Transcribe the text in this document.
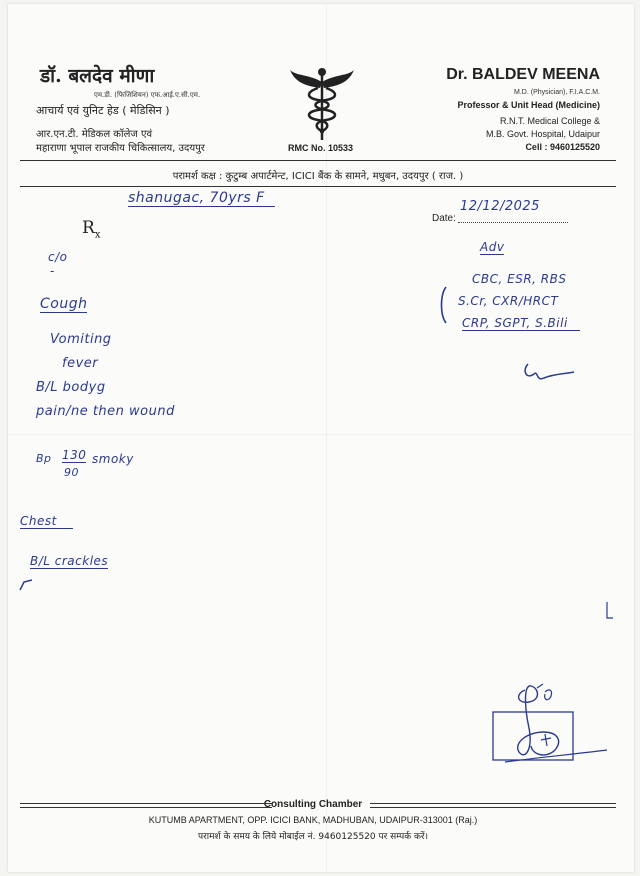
डॉ. बलदेव मीणा
एम.डी. (फिजिशियन) एफ.आई.ए.सी.एम.
आचार्य एवं युनिट हेड ( मेडिसिन )
आर.एन.टी. मेडिकल कॉलेज एवं
महाराणा भूपाल राजकीय चिकित्सालय, उदयपुर	RMC No. 10533
Dr. BALDEV MEENA
M.D. (Physician), F.I.A.C.M.
Professor & Unit Head (Medicine)
R.N.T. Medical College &
M.B. Govt. Hospital, Udaipur
Cell : 9460125520
परामर्श कक्ष : कुटुम्ब अपार्टमेन्ट, ICICI बैंक के सामने, मधुबन, उदयपुर ( राज. )
$R_x$
Date:
shanugac, 70yrs F
12/12/2025
c/o
-
Cough
Vomiting
fever
B/L bodyg
pain/ne then wound
Bp 130
90
smoky
Chest
B/L crackles
Adv
CBC, ESR, RBS
S.Cr, CXR/HRCT
CRP, SGPT, S.Bili
Consulting Chamber
KUTUMB APARTMENT, OPP. ICICI BANK, MADHUBAN, UDAIPUR-313001 (Raj.)
परामर्श के समय के लिये मोबाईल नं. 9460125520 पर सम्पर्क करें।
